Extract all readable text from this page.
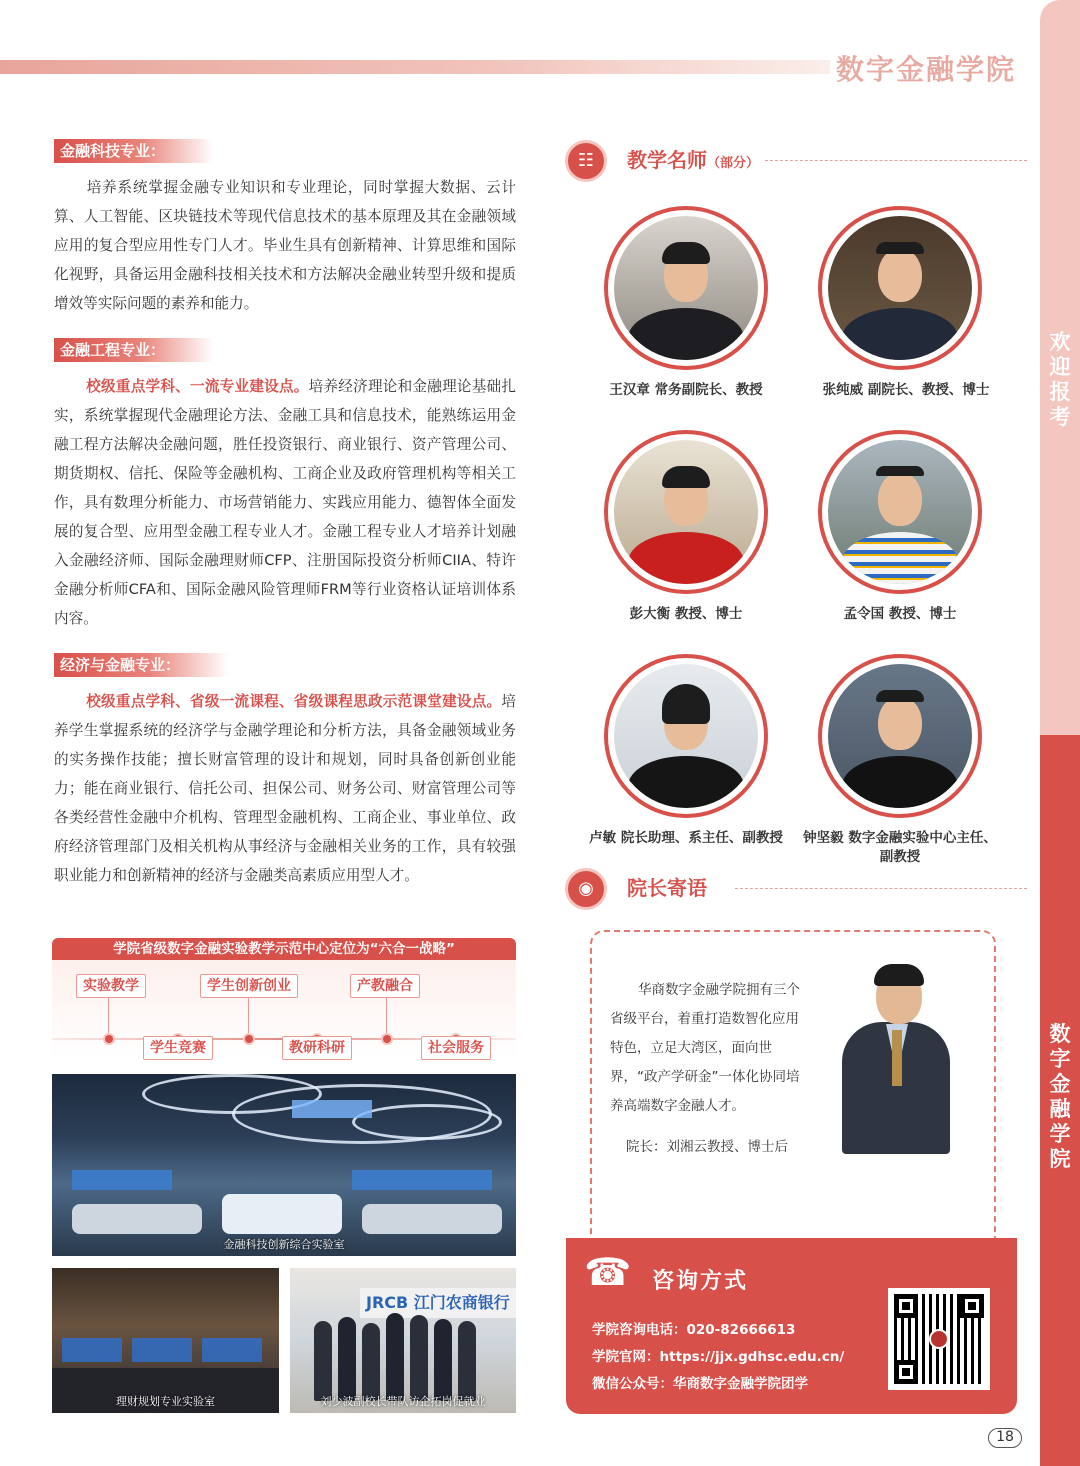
数字金融学院
欢迎报考
数字金融学院
金融科技专业：
培养系统掌握金融专业知识和专业理论，同时掌握大数据、云计算、人工智能、区块链技术等现代信息技术的基本原理及其在金融领域应用的复合型应用性专门人才。毕业生具有创新精神、计算思维和国际化视野，具备运用金融科技相关技术和方法解决金融业转型升级和提质增效等实际问题的素养和能力。
金融工程专业：
校级重点学科、一流专业建设点。培养经济理论和金融理论基础扎实，系统掌握现代金融理论方法、金融工具和信息技术，能熟练运用金融工程方法解决金融问题，胜任投资银行、商业银行、资产管理公司、期货期权、信托、保险等金融机构、工商企业及政府管理机构等相关工作，具有数理分析能力、市场营销能力、实践应用能力、德智体全面发展的复合型、应用型金融工程专业人才。金融工程专业人才培养计划融入金融经济师、国际金融理财师CFP、注册国际投资分析师CIIA、特许金融分析师CFA和、国际金融风险管理师FRM等行业资格认证培训体系内容。
经济与金融专业：
校级重点学科、省级一流课程、省级课程思政示范课堂建设点。培养学生掌握系统的经济学与金融学理论和分析方法，具备金融领域业务的实务操作技能；擅长财富管理的设计和规划，同时具备创新创业能力；能在商业银行、信托公司、担保公司、财务公司、财富管理公司等各类经营性金融中介机构、管理型金融机构、工商企业、事业单位、政府经济管理部门及相关机构从事经济与金融相关业务的工作，具有较强职业能力和创新精神的经济与金融类高素质应用型人才。
学院省级数字金融实验教学示范中心定位为“六合一战略”
实验教学	学生创新创业	产教融合
学生竞赛	教研科研	社会服务
金融科技创新综合实验室
理财规划专业实验室
JRCB 江门农商银行
刘少波副校长带队访企拓岗促就业
☷	教学名师（部分）
王汉章 常务副院长、教授	张纯威 副院长、教授、博士
彭大衡 教授、博士	孟令国 教授、博士
卢敏 院长助理、系主任、副教授	钟坚毅 数字金融实验中心主任、副教授
◉	院长寄语
华商数字金融学院拥有三个省级平台，着重打造数智化应用特色，立足大湾区，面向世界，“政产学研金”一体化协同培养高端数字金融人才。
院长：刘湘云教授、博士后
☎ 咨询方式
学院咨询电话：020-82666613
学院官网：https://jjx.gdhsc.edu.cn/
微信公众号：华商数字金融学院团学
18
